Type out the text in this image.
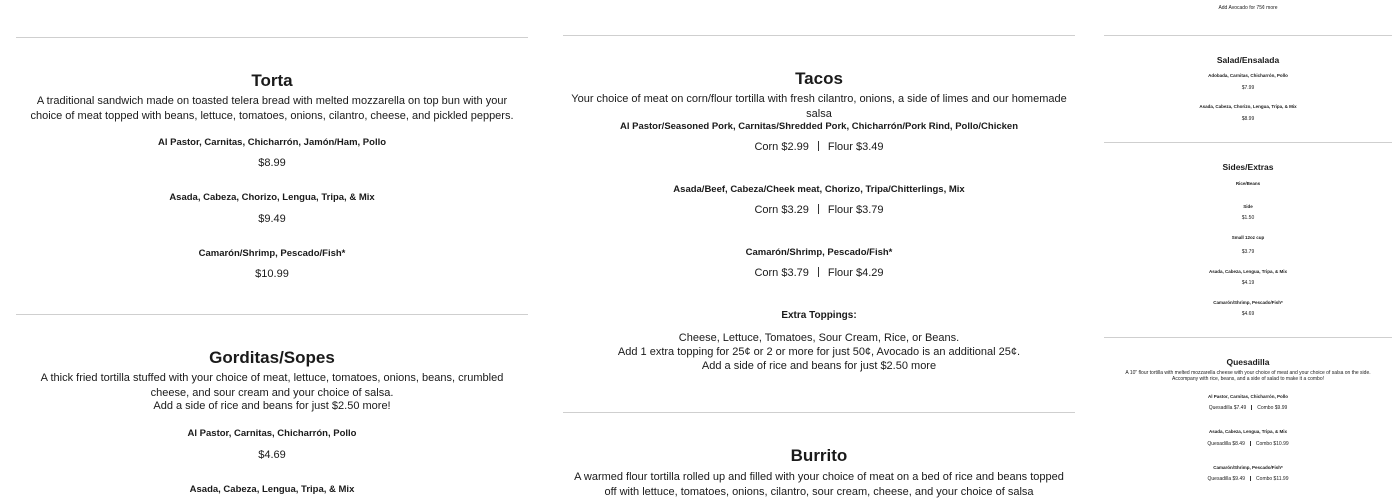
Torta
A traditional sandwich made on toasted telera bread with melted mozzarella on top bun with your choice of meat topped with beans, lettuce, tomatoes, onions, cilantro, cheese, and pickled peppers.
Al Pastor, Carnitas, Chicharrón, Jamón/Ham, Pollo
$8.99
Asada, Cabeza, Chorizo, Lengua, Tripa, & Mix
$9.49
Camarón/Shrimp, Pescado/Fish*
$10.99
Gorditas/Sopes
A thick fried tortilla stuffed with your choice of meat, lettuce, tomatoes, onions, beans, crumbled cheese, and sour cream and your choice of salsa.
Add a side of rice and beans for just $2.50 more!
Al Pastor, Carnitas, Chicharrón, Pollo
$4.69
Asada, Cabeza, Lengua, Tripa, & Mix
Tacos
Your choice of meat on corn/flour tortilla with fresh cilantro, onions, a side of limes and our homemade salsa
Al Pastor/Seasoned Pork, Carnitas/Shredded Pork, Chicharrón/Pork Rind, Pollo/Chicken
Corn $2.99 Flour $3.49
Asada/Beef, Cabeza/Cheek meat, Chorizo, Tripa/Chitterlings, Mix
Corn $3.29 Flour $3.79
Camarón/Shrimp, Pescado/Fish*
Corn $3.79 Flour $4.29
Extra Toppings:
Cheese, Lettuce, Tomatoes, Sour Cream, Rice, or Beans.
Add 1 extra topping for 25¢ or 2 or more for just 50¢, Avocado is an additional 25¢.
Add a side of rice and beans for just $2.50 more
Burrito
A warmed flour tortilla rolled up and filled with your choice of meat on a bed of rice and beans topped off with lettuce, tomatoes, onions, cilantro, sour cream, cheese, and your choice of salsa
Add Avocado for 75¢ more
Salad/Ensalada
Adobada, Carnitas, Chicharrón, Pollo
$7.99
Asada, Cabeza, Chorizo, Lengua, Tripa, & Mix
$8.99
Sides/Extras
Rice/Beans
Side
$1.50
Small 12oz cup
$3.79
Asada, Cabeza, Lengua, Tripa, & Mix
$4.19
Camarón/Shrimp, Pescado/Fish*
$4.69
Quesadilla
A 10" flour tortilla with melted mozzarella cheese with your choice of meat and your choice of salsa on the side. Accompany with rice, beans, and a side of salad to make it a combo!
Al Pastor, Carnitas, Chicharrón, Pollo
Quesadilla $7.49 Combo $9.99
Asada, Cabeza, Lengua, Tripa, & Mix
Quesadilla $8.49 Combo $10.99
Camarón/Shrimp, Pescado/Fish*
Quesadilla $9.49 Combo $11.99
